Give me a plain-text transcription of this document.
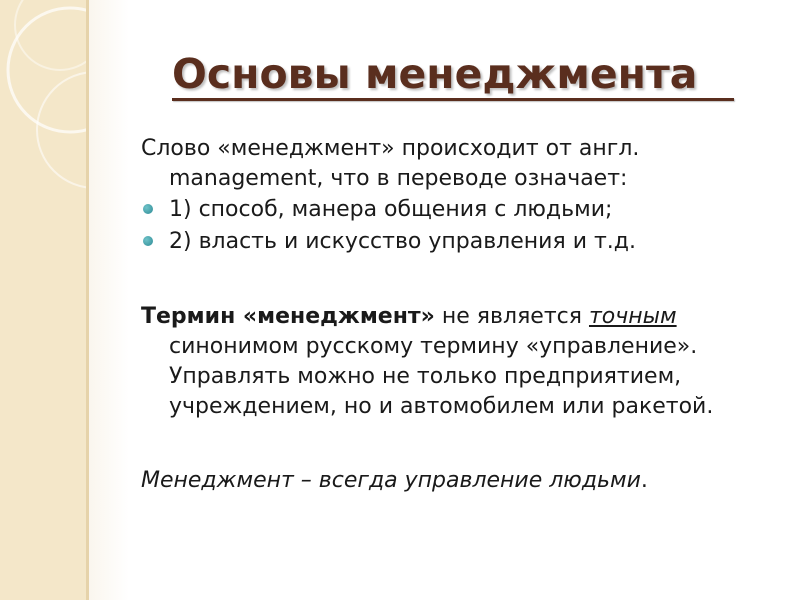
Основы менеджмента

Слово «менеджмент» происходит от англ. management, что в переводе означает:

1) способ, манера общения с людьми;

2) власть и искусство управления и т.д.

Термин «менеджмент» не является точным синонимом русскому термину «управление». Управлять можно не только предприятием, учреждением, но и автомобилем или ракетой.

Менеджмент – всегда управление людьми.
